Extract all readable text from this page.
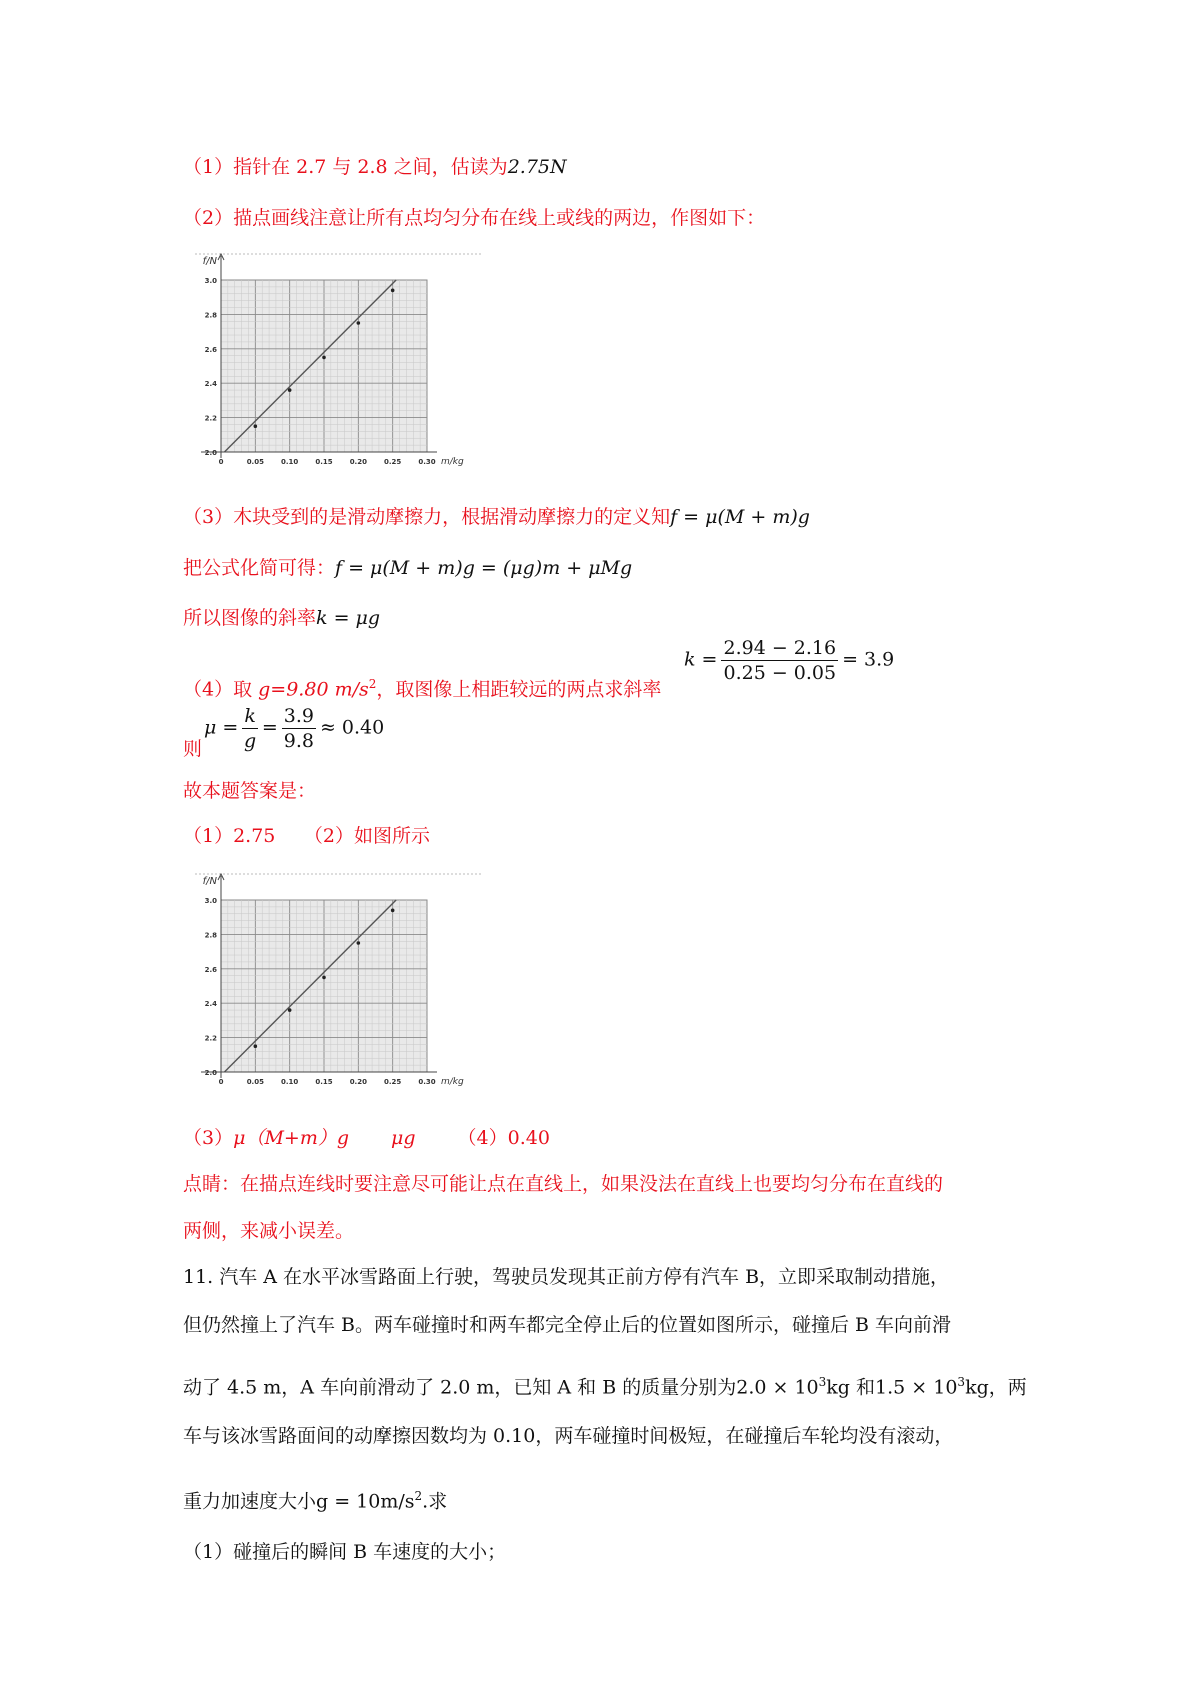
（1）指针在 2.7 与 2.8 之间，估读为2.75N
（2）描点画线注意让所有点均匀分布在线上或线的两边，作图如下：
2.0
2.2
2.4
2.6
2.8
3.0
0	0.05 0.10 0.15 0.20 0.25 0.30
f/N
m/kg
（3）木块受到的是滑动摩擦力，根据滑动摩擦力的定义知f = μ(M + m)g
把公式化简可得：f = μ(M + m)g = (μg)m + μMg
所以图像的斜率k = μg
（4）取 g=9.80 $m/s^2$，取图像上相距较远的两点求斜率
$k = \frac{2.94 - 2.16}{0.25 - 0.05} = 3.9$
则
$\mu = \frac{k}{g} = \frac{3.9}{9.8} \approx 0.40$
故本题答案是：
（1）2.75　　（2）如图所示
2.0
2.2
2.4
2.6
2.8
3.0
0	0.05 0.10 0.15 0.20 0.25 0.30
f/N
m/kg
（3）μ（M+m）g μg （4）0.40
点睛：在描点连线时要注意尽可能让点在直线上，如果没法在直线上也要均匀分布在直线的
两侧，来减小误差。
11. 汽车 A 在水平冰雪路面上行驶，驾驶员发现其正前方停有汽车 B，立即采取制动措施，
但仍然撞上了汽车 B。两车碰撞时和两车都完全停止后的位置如图所示，碰撞后 B 车向前滑
动了 4.5 m，A 车向前滑动了 2.0 m，已知 A 和 B 的质量分别为$2.0 \times 10^3kg$ 和$1.5 \times 10^3kg$，两
车与该冰雪路面间的动摩擦因数均为 0.10，两车碰撞时间极短，在碰撞后车轮均没有滚动，
重力加速度大小$g = 10m/s^2$.求
（1）碰撞后的瞬间 B 车速度的大小；
